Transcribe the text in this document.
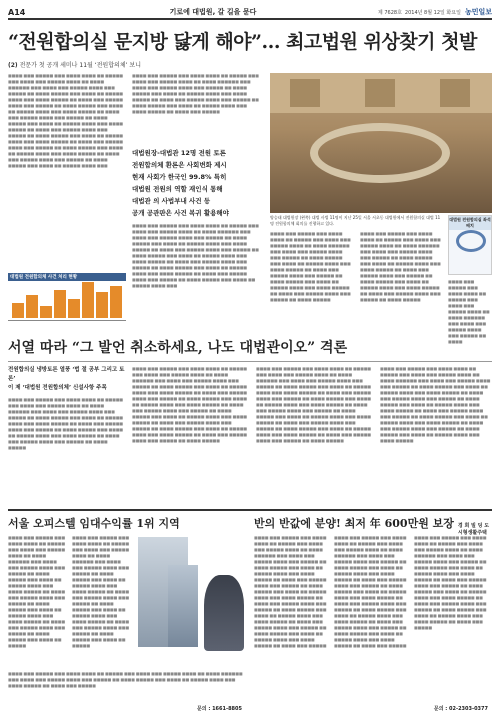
A14	기로에 대법원, 갈 길을 묻다	제 7628호 2014년 8월 12일 화요일 농민일보
“전원합의실 문지방 닳게 해야”… 최고법원 위상찾기 첫발
(2) 전문가 첫 공개 세미나 11월 ‘전원합의체’ 보니
■■■■ ■■■ ■■■■■ ■■■ ■■■■ ■■■■ ■■ ■■■■■ ■■■ ■■■■ ■■■ ■■■■■ ■■■■ ■■ ■■■■ ■■■■■■ ■■■ ■■■■ ■■■ ■■■■■ ■■■■ ■■■ ■■■■■ ■■ ■■■■ ■■■■■ ■■■ ■■■■ ■■ ■■■■■ ■■■■ ■■■ ■■■■ ■■■■■ ■■ ■■■■ ■■■ ■■■■■ ■■■■ ■■■ ■■■■■ ■■ ■■■■ ■■■■■ ■■■ ■■■■ ■■ ■■■■■ ■■■■ ■■■ ■■■■ ■■■■■ ■■ ■■■■ ■■■ ■■■■■ ■■■■ ■■■ ■■■■■ ■■ ■■■■ ■■■■■ ■■■ ■■■■ ■■ ■■■■■ ■■■■ ■■■ ■■■■ ■■■■■ ■■ ■■■■ ■■■ ■■■■■ ■■■■ ■■■ ■■■■■ ■■ ■■■■ ■■■■■ ■■■ ■■■■ ■■ ■■■■■ ■■■■ ■■■ ■■■■ ■■■■■ ■■ ■■■■ ■■■ ■■■■■ ■■■■ ■■■ ■■■■■ ■■ ■■■■ ■■■■■ ■■■ ■■■■ ■■ ■■■■■ ■■■■ ■■■ ■■■■ ■■■■■ ■■ ■■■■ ■■■ ■■■■■ ■■■■ ■■■ ■■■■■ ■■ ■■■■ ■■■■■ ■■■ ■■■■ ■■ ■■■■■ ■■■■ ■■■
■■■■ ■■■ ■■■■■ ■■■ ■■■■ ■■■■ ■■ ■■■■■ ■■■ ■■■■ ■■■ ■■■■■ ■■■■ ■■ ■■■■ ■■■■■■ ■■■ ■■■■ ■■■ ■■■■■ ■■■■ ■■■ ■■■■■ ■■ ■■■■ ■■■■■ ■■■ ■■■■ ■■ ■■■■■ ■■■■ ■■■ ■■■■ ■■■■■ ■■ ■■■■ ■■■ ■■■■■ ■■■■ ■■■ ■■■■■ ■■ ■■■■ ■■■■■ ■■■ ■■■■ ■■ ■■■■■ ■■■■ ■■■ ■■■■ ■■■■■ ■■ ■■■■ ■■■ ■■■■■
대법원장-대법관 12명 전원 토론
전원합의체 환론은 사회변화 제시
현재 사회가 한국인 99.8% 특히
대법원 전원의 역할 재인식 통해
대법관 의 사법부내 사건 등
공개 공관판은 사건 복귀 활용해야
■■■■ ■■■ ■■■■■ ■■■ ■■■■ ■■■■ ■■ ■■■■■ ■■■ ■■■■ ■■■ ■■■■■ ■■■■ ■■ ■■■■ ■■■■■■ ■■■ ■■■■ ■■■ ■■■■■ ■■■■ ■■■ ■■■■■ ■■ ■■■■ ■■■■■ ■■■ ■■■■ ■■ ■■■■■ ■■■■ ■■■ ■■■■ ■■■■■ ■■ ■■■■ ■■■ ■■■■■ ■■■■ ■■■ ■■■■■ ■■ ■■■■ ■■■■■ ■■■ ■■■■ ■■ ■■■■■ ■■■■ ■■■ ■■■■ ■■■■■ ■■ ■■■■ ■■■ ■■■■■ ■■■■ ■■■ ■■■■■ ■■ ■■■■ ■■■■■ ■■■ ■■■■ ■■ ■■■■■ ■■■■ ■■■ ■■■■ ■■■■■ ■■ ■■■■ ■■■ ■■■■■ ■■■■ ■■■ ■■■■■ ■■ ■■■■ ■■■■■ ■■■ ■■■■ ■■ ■■■■■ ■■■■ ■■■
양승태 대법원장 (왼쪽) 대법 사법 11명이 지난 25일 서울 서초동 대법원에서 전원합의실 대법 11명 전원합의체 회의를 진행하고 있다.
대법원 전원합의실 좌석 배치
■■■■ ■■■ ■■■■■ ■■■ ■■■■ ■■■■ ■■ ■■■■■ ■■■ ■■■■ ■■■ ■■■■■ ■■■■ ■■ ■■■■ ■■■■■■ ■■■ ■■■■ ■■■ ■■■■■ ■■■■ ■■■ ■■■■■ ■■ ■■■■ ■■■■■ ■■■ ■■■■ ■■ ■■■■■ ■■■■ ■■■ ■■■■ ■■■■■ ■■ ■■■■ ■■■ ■■■■■ ■■■■ ■■■ ■■■■■ ■■ ■■■■ ■■■■■ ■■■ ■■■■ ■■ ■■■■■ ■■■■ ■■■ ■■■■ ■■■■■ ■■ ■■■■ ■■■ ■■■■■ ■■■■ ■■■ ■■■■■ ■■ ■■■■ ■■■■■
■■■■ ■■■ ■■■■■ ■■■ ■■■■ ■■■■ ■■ ■■■■■ ■■■ ■■■■ ■■■ ■■■■■ ■■■■ ■■ ■■■■ ■■■■■■ ■■■ ■■■■ ■■■ ■■■■■ ■■■■ ■■■ ■■■■■ ■■ ■■■■ ■■■■■ ■■■ ■■■■ ■■ ■■■■■ ■■■■ ■■■ ■■■■ ■■■■■ ■■ ■■■■ ■■■ ■■■■■ ■■■■ ■■■ ■■■■■ ■■ ■■■■ ■■■■■ ■■■ ■■■■ ■■ ■■■■■ ■■■■ ■■■ ■■■■ ■■■■■ ■■ ■■■■ ■■■ ■■■■■ ■■■■ ■■■ ■■■■■ ■■ ■■■■ ■■■■■
■■■■ ■■■ ■■■■■ ■■■ ■■■■ ■■■■ ■■ ■■■■■ ■■■ ■■■■ ■■■ ■■■■■ ■■■■ ■■ ■■■■ ■■■■■■ ■■■ ■■■■ ■■■ ■■■■■ ■■■■ ■■■ ■■■■■ ■■ ■■■■
대법원 전원합의체 사건 처리 현황
서열 따라 “그 발언 취소하세요, 나도 대법관이오” 격론
전원합의실 냉방토론 열풍 ‘법 절 공부 그리고 토론’
이 제 ‘대법원 전원합의체’ 신설사항 주목
■■■■ ■■■ ■■■■■ ■■■ ■■■■ ■■■■ ■■ ■■■■■ ■■■ ■■■■ ■■■ ■■■■■ ■■■■ ■■ ■■■■ ■■■■■■ ■■■ ■■■■ ■■■ ■■■■■ ■■■■ ■■■ ■■■■■ ■■ ■■■■ ■■■■■ ■■■ ■■■■ ■■ ■■■■■ ■■■■ ■■■ ■■■■ ■■■■■ ■■ ■■■■ ■■■ ■■■■■ ■■■■ ■■■ ■■■■■ ■■ ■■■■ ■■■■■ ■■■ ■■■■ ■■ ■■■■■ ■■■■ ■■■ ■■■■ ■■■■■ ■■ ■■■■ ■■■ ■■■■■ ■■■■ ■■■ ■■■■■ ■■ ■■■■ ■■■■■
■■■■ ■■■ ■■■■■ ■■■ ■■■■ ■■■■ ■■ ■■■■■ ■■■ ■■■■ ■■■ ■■■■■ ■■■■ ■■ ■■■■ ■■■■■■ ■■■ ■■■■ ■■■ ■■■■■ ■■■■ ■■■ ■■■■■ ■■ ■■■■ ■■■■■ ■■■ ■■■■ ■■ ■■■■■ ■■■■ ■■■ ■■■■ ■■■■■ ■■ ■■■■ ■■■ ■■■■■ ■■■■ ■■■ ■■■■■ ■■ ■■■■ ■■■■■ ■■■ ■■■■ ■■ ■■■■■ ■■■■ ■■■ ■■■■ ■■■■■ ■■ ■■■■ ■■■ ■■■■■ ■■■■ ■■■ ■■■■■ ■■ ■■■■ ■■■■■ ■■■ ■■■■ ■■ ■■■■■ ■■■■ ■■■ ■■■■ ■■■■■ ■■ ■■■■ ■■■ ■■■■■ ■■■■ ■■■ ■■■■■ ■■ ■■■■ ■■■■■ ■■■ ■■■■ ■■ ■■■■■ ■■■■ ■■■ ■■■■ ■■■■■ ■■ ■■■■ ■■■ ■■■■■ ■■■■ ■■■ ■■■■■ ■■ ■■■■ ■■■■■
■■■■ ■■■ ■■■■■ ■■■ ■■■■ ■■■■ ■■ ■■■■■ ■■■ ■■■■ ■■■ ■■■■■ ■■■■ ■■ ■■■■ ■■■■■■ ■■■ ■■■■ ■■■ ■■■■■ ■■■■ ■■■ ■■■■■ ■■ ■■■■ ■■■■■ ■■■ ■■■■ ■■ ■■■■■ ■■■■ ■■■ ■■■■ ■■■■■ ■■ ■■■■ ■■■ ■■■■■ ■■■■ ■■■ ■■■■■ ■■ ■■■■ ■■■■■ ■■■ ■■■■ ■■ ■■■■■ ■■■■ ■■■ ■■■■ ■■■■■ ■■ ■■■■ ■■■ ■■■■■ ■■■■ ■■■ ■■■■■ ■■ ■■■■ ■■■■■ ■■■ ■■■■ ■■ ■■■■■ ■■■■ ■■■ ■■■■ ■■■■■ ■■ ■■■■ ■■■ ■■■■■ ■■■■ ■■■ ■■■■■ ■■ ■■■■ ■■■■■ ■■■ ■■■■ ■■ ■■■■■ ■■■■ ■■■ ■■■■ ■■■■■ ■■ ■■■■ ■■■ ■■■■■ ■■■■ ■■■ ■■■■■ ■■ ■■■■ ■■■■■
■■■■ ■■■ ■■■■■ ■■■ ■■■■ ■■■■ ■■ ■■■■■ ■■■ ■■■■ ■■■ ■■■■■ ■■■■ ■■ ■■■■ ■■■■■■ ■■■ ■■■■ ■■■ ■■■■■ ■■■■ ■■■ ■■■■■ ■■ ■■■■ ■■■■■ ■■■ ■■■■ ■■ ■■■■■ ■■■■ ■■■ ■■■■ ■■■■■ ■■ ■■■■ ■■■ ■■■■■ ■■■■ ■■■ ■■■■■ ■■ ■■■■ ■■■■■ ■■■ ■■■■ ■■ ■■■■■ ■■■■ ■■■ ■■■■ ■■■■■ ■■ ■■■■ ■■■ ■■■■■ ■■■■ ■■■ ■■■■■ ■■ ■■■■ ■■■■■ ■■■ ■■■■ ■■ ■■■■■ ■■■■ ■■■ ■■■■ ■■■■■ ■■ ■■■■ ■■■ ■■■■■ ■■■■ ■■■ ■■■■■ ■■ ■■■■ ■■■■■ ■■■ ■■■■ ■■ ■■■■■ ■■■■ ■■■ ■■■■ ■■■■■
서울 오피스텔 임대수익률 1위 지역
■■■■ ■■■ ■■■■■ ■■■ ■■■■ ■■■■ ■■ ■■■■■ ■■■ ■■■■ ■■■ ■■■■■ ■■■■ ■■ ■■■■ ■■■■■■ ■■■ ■■■■ ■■■ ■■■■■ ■■■■ ■■■ ■■■■■ ■■ ■■■■ ■■■■■ ■■■ ■■■■ ■■ ■■■■■ ■■■■ ■■■ ■■■■ ■■■■■ ■■ ■■■■ ■■■ ■■■■■ ■■■■ ■■■ ■■■■■ ■■ ■■■■ ■■■■■ ■■■ ■■■■ ■■ ■■■■■ ■■■■ ■■■ ■■■■ ■■■■■ ■■ ■■■■ ■■■ ■■■■■ ■■■■ ■■■ ■■■■■ ■■ ■■■■ ■■■■■ ■■■ ■■■■ ■■ ■■■■■
■■■■ ■■■ ■■■■■ ■■■ ■■■■ ■■■■ ■■ ■■■■■ ■■■ ■■■■ ■■■ ■■■■■ ■■■■ ■■ ■■■■ ■■■■■■ ■■■ ■■■■ ■■■ ■■■■■ ■■■■ ■■■ ■■■■■ ■■ ■■■■ ■■■■■ ■■■ ■■■■ ■■ ■■■■■ ■■■■ ■■■ ■■■■ ■■■■■ ■■ ■■■■ ■■■ ■■■■■ ■■■■ ■■■ ■■■■■ ■■ ■■■■ ■■■■■ ■■■ ■■■■ ■■ ■■■■■ ■■■■ ■■■ ■■■■ ■■■■■ ■■ ■■■■ ■■■ ■■■■■ ■■■■ ■■■ ■■■■■ ■■ ■■■■ ■■■■■ ■■■ ■■■■ ■■ ■■■■■
■■■■ ■■■ ■■■■■ ■■■ ■■■■ ■■■■ ■■ ■■■■■ ■■■ ■■■■ ■■■ ■■■■■ ■■■■ ■■ ■■■■ ■■■■■■ ■■■ ■■■■ ■■■ ■■■■■ ■■■■ ■■■ ■■■■■ ■■ ■■■■ ■■■■■ ■■■ ■■■■ ■■ ■■■■■ ■■■■ ■■■ ■■■■ ■■■■■ ■■ ■■■■ ■■■ ■■■■■
문의 : 1661-8805
반의 반값에 분양! 최저 年 600만원 보장 경 희 빌 딩 도시형생활주택
■■■■ ■■■ ■■■■■ ■■■ ■■■■ ■■■■ ■■ ■■■■■ ■■■ ■■■■ ■■■ ■■■■■ ■■■■ ■■ ■■■■ ■■■■■■ ■■■ ■■■■ ■■■ ■■■■■ ■■■■ ■■■ ■■■■■ ■■ ■■■■ ■■■■■ ■■■ ■■■■ ■■ ■■■■■ ■■■■ ■■■ ■■■■ ■■■■■ ■■ ■■■■ ■■■ ■■■■■ ■■■■ ■■■ ■■■■■ ■■ ■■■■ ■■■■■ ■■■ ■■■■ ■■ ■■■■■ ■■■■ ■■■ ■■■■ ■■■■■ ■■ ■■■■ ■■■ ■■■■■ ■■■■ ■■■ ■■■■■ ■■ ■■■■ ■■■■■ ■■■ ■■■■ ■■ ■■■■■ ■■■■ ■■■ ■■■■ ■■■■■ ■■ ■■■■ ■■■ ■■■■■ ■■■■ ■■■ ■■■■■ ■■ ■■■■ ■■■■■ ■■■ ■■■■ ■■ ■■■■■ ■■■■ ■■■ ■■■■ ■■■■■ ■■ ■■■■ ■■■ ■■■■■
■■■■ ■■■ ■■■■■ ■■■ ■■■■ ■■■■ ■■ ■■■■■ ■■■ ■■■■ ■■■ ■■■■■ ■■■■ ■■ ■■■■ ■■■■■■ ■■■ ■■■■ ■■■ ■■■■■ ■■■■ ■■■ ■■■■■ ■■ ■■■■ ■■■■■ ■■■ ■■■■ ■■ ■■■■■ ■■■■ ■■■ ■■■■ ■■■■■ ■■ ■■■■ ■■■ ■■■■■ ■■■■ ■■■ ■■■■■ ■■ ■■■■ ■■■■■ ■■■ ■■■■ ■■ ■■■■■ ■■■■ ■■■ ■■■■ ■■■■■ ■■ ■■■■ ■■■ ■■■■■ ■■■■ ■■■ ■■■■■ ■■ ■■■■ ■■■■■ ■■■ ■■■■ ■■ ■■■■■ ■■■■ ■■■ ■■■■ ■■■■■ ■■ ■■■■ ■■■ ■■■■■ ■■■■ ■■■ ■■■■■ ■■ ■■■■ ■■■■■ ■■■ ■■■■ ■■ ■■■■■ ■■■■ ■■■ ■■■■ ■■■■■ ■■ ■■■■ ■■■ ■■■■■
■■■■ ■■■ ■■■■■ ■■■ ■■■■ ■■■■ ■■ ■■■■■ ■■■ ■■■■ ■■■ ■■■■■ ■■■■ ■■ ■■■■ ■■■■■■ ■■■ ■■■■ ■■■ ■■■■■ ■■■■ ■■■ ■■■■■ ■■ ■■■■ ■■■■■ ■■■ ■■■■ ■■ ■■■■■ ■■■■ ■■■ ■■■■ ■■■■■ ■■ ■■■■ ■■■ ■■■■■ ■■■■ ■■■ ■■■■■ ■■ ■■■■ ■■■■■ ■■■ ■■■■ ■■ ■■■■■ ■■■■ ■■■ ■■■■ ■■■■■ ■■ ■■■■ ■■■ ■■■■■ ■■■■ ■■■ ■■■■■ ■■ ■■■■ ■■■■■ ■■■ ■■■■ ■■ ■■■■■ ■■■■ ■■■ ■■■■ ■■■■■ ■■ ■■■■ ■■■ ■■■■■
문의 : 02-2303-0377
